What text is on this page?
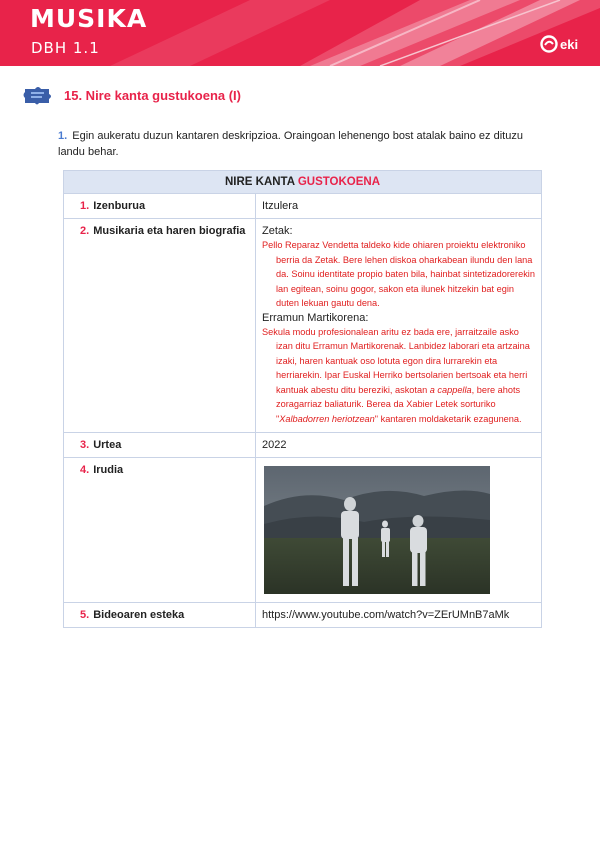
MUSIKA
DBH 1.1	eki
15. Nire kanta gustukoena (I)
1. Egin aukeratu duzun kantaren deskripzioa. Oraingoan lehenengo bost atalak baino ez dituzu landu behar.
NIRE KANTA GUSTOKOENA	
1. Izenburua	Itzulera
2. Musikaria eta haren biografia	Zetak:

Pello Reparaz Vendetta taldeko kide ohiaren proiektu elektroniko berria da Zetak. Bere lehen diskoa oharkabean ilundu den lana da. Soinu identitate propio baten bila, hainbat sintetizadorerekin lan egitean, soinu gogor, sakon eta ilunek hitzekin bat egin duten lekuan gautu dena.

Erramun Martikorena:

Sekula modu profesionalean aritu ez bada ere, jarraitzaile asko izan ditu Erramun Martikorenak. Lanbidez laborari eta artzaina izaki, haren kantuak oso lotuta egon dira lurrarekin eta herriarekin. Ipar Euskal Herriko bertsolarien bertsoak eta herri kantuak abestu ditu bereziki, askotan a cappella, bere ahots zoragarriaz baliaturik. Berea da Xabier Letek sorturiko "Xalbadorren heriotzean" kantaren moldaketarik ezagunena.

3. Urtea	2022
4. Irudia	

5. Bideoaren esteka	https://www.youtube.com/watch?v=ZErUMnB7aMk
